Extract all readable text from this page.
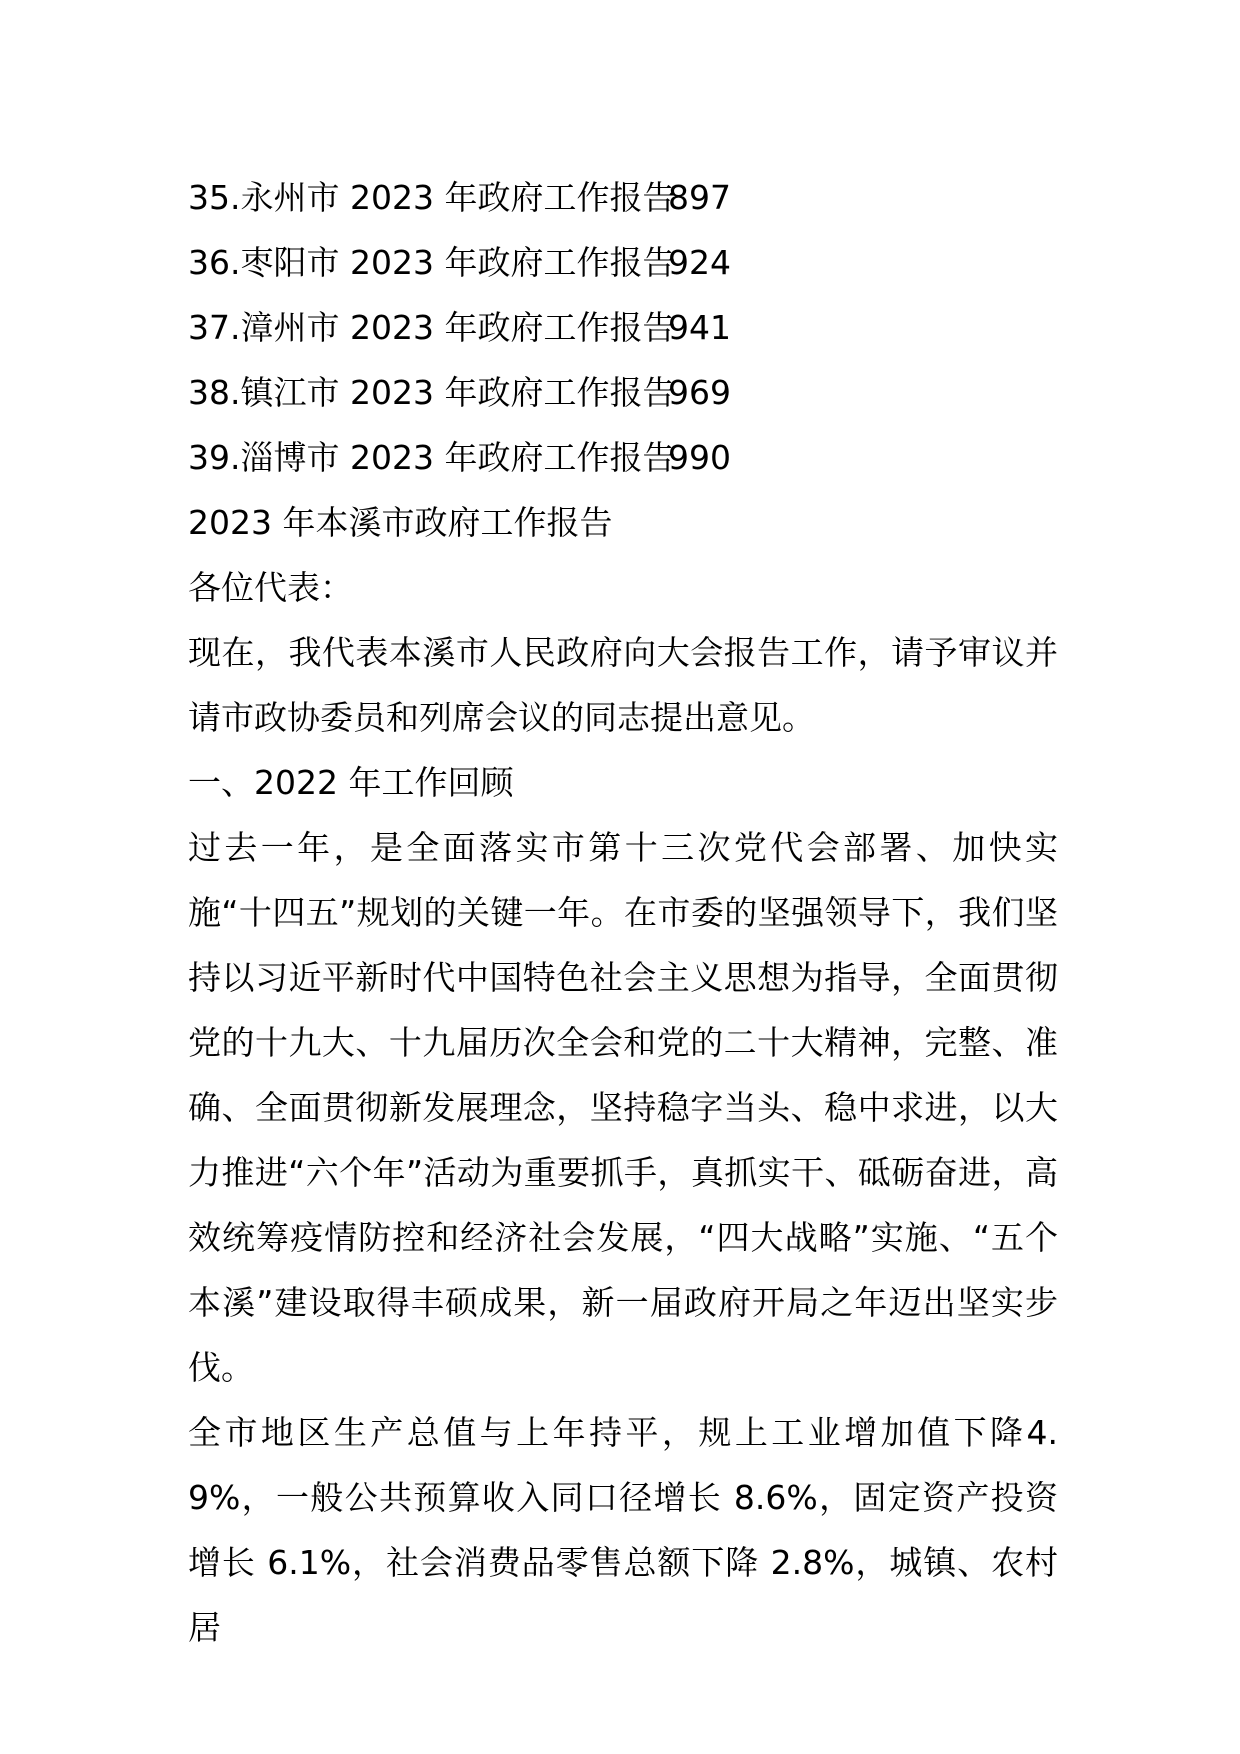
35.永州市 2023 年政府工作报告
897
36.枣阳市 2023 年政府工作报告
924
37.漳州市 2023 年政府工作报告
941
38.镇江市 2023 年政府工作报告
969
39.淄博市 2023 年政府工作报告
990
2023 年本溪市政府工作报告
各位代表：

现在，我代表本溪市人民政府向大会报告工作，请予审议并请市政协委员和列席会议的同志提出意见。

一、2022 年工作回顾

过去一年，是全面落实市第十三次党代会部署、加快实施“十四五”规划的关键一年。在市委的坚强领导下，我们坚持以习近平新时代中国特色社会主义思想为指导，全面贯彻党的十九大、十九届历次全会和党的二十大精神，完整、准确、全面贯彻新发展理念，坚持稳字当头、稳中求进，以大力推进“六个年”活动为重要抓手，真抓实干、砥砺奋进，高效统筹疫情防控和经济社会发展，“四大战略”实施、“五个本溪”建设取得丰硕成果，新一届政府开局之年迈出坚实步伐。

全市地区生产总值与上年持平，规上工业增加值下降4.9%，一般公共预算收入同口径增长 8.6%，固定资产投资增长 6.1%，社会消费品零售总额下降 2.8%，城镇、农村居
